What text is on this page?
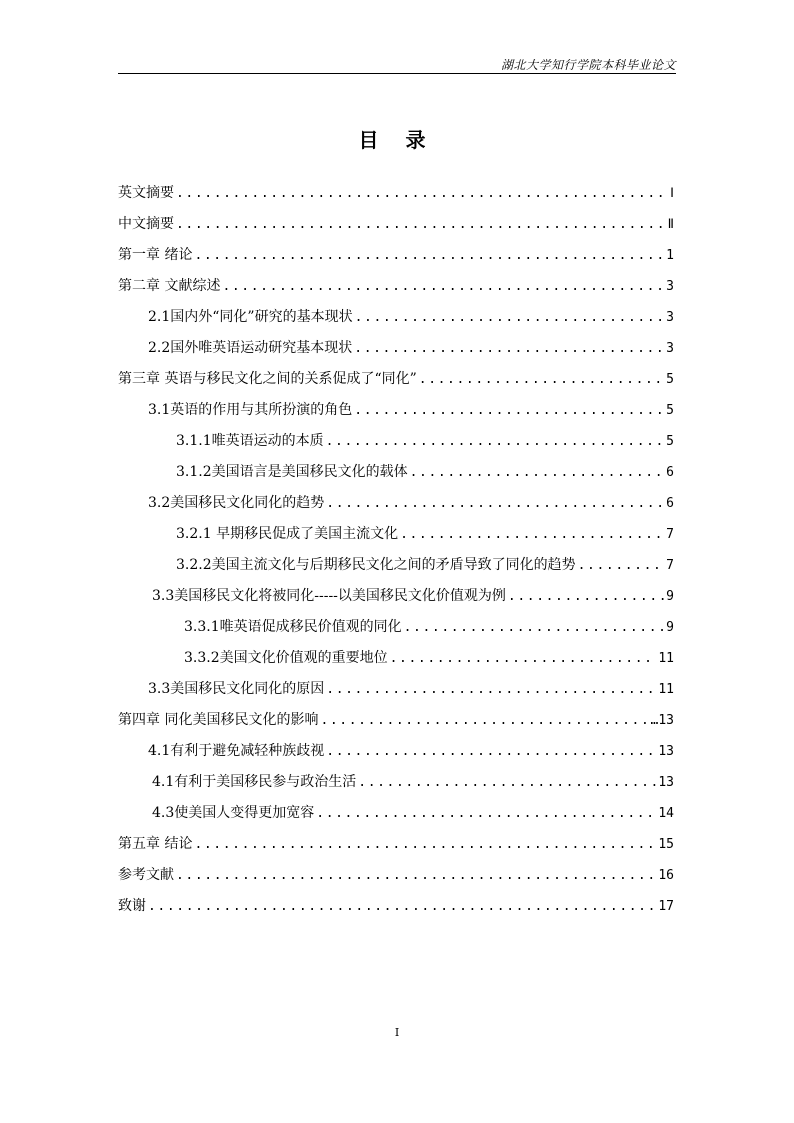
湖北大学知行学院本科毕业论文
目 录
英文摘要 .....	Ⅰ
中文摘要 .....	Ⅱ
第一章 绪论 .....	1
第二章 文献综述 .....	3
2.1国内外“同化”研究的基本现状 .....	3
2.2国外唯英语运动研究基本现状 .....	3
第三章 英语与移民文化之间的关系促成了“同化” .....	5
3.1英语的作用与其所扮演的角色 .....	5
3.1.1唯英语运动的本质 .....	5
3.1.2美国语言是美国移民文化的载体 .....	6
3.2美国移民文化同化的趋势 .....	6
3.2.1 早期移民促成了美国主流文化 .....	7
3.2.2美国主流文化与后期移民文化之间的矛盾导致了同化的趋势 .....	7
3.3美国移民文化将被同化-----以美国移民文化价值观为例 .....	9
3.3.1唯英语促成移民价值观的同化 .....	9
3.3.2美国文化价值观的重要地位 .....	11
3.3美国移民文化同化的原因 .....	11
第四章 同化美国移民文化的影响 .....	…13
4.1有利于避免减轻种族歧视 .....	13
4.1有利于美国移民参与政治生活 .....	13
4.3使美国人变得更加宽容 .....	14
第五章 结论 .....	15
参考文献 .....	16
致谢 .....	17
I
